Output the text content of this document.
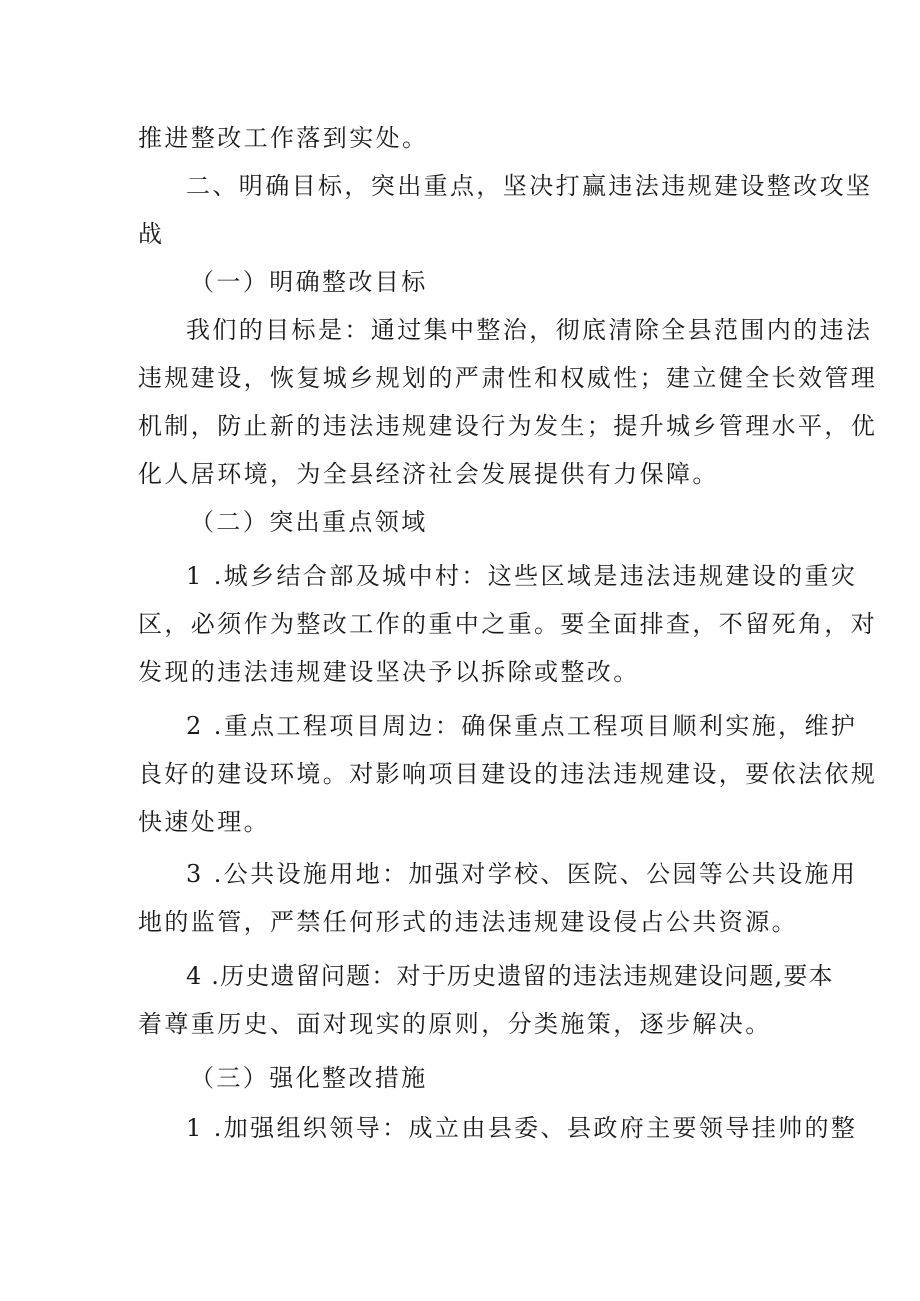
推进整改工作落到实处。
二、明确目标，突出重点，坚决打赢违法违规建设整改攻坚
战
（一）明确整改目标
我们的目标是：通过集中整治，彻底清除全县范围内的违法
违规建设，恢复城乡规划的严肃性和权威性；建立健全长效管理
机制，防止新的违法违规建设行为发生；提升城乡管理水平，优
化人居环境，为全县经济社会发展提供有力保障。
（二）突出重点领域
1 .城乡结合部及城中村：这些区域是违法违规建设的重灾
区，必须作为整改工作的重中之重。要全面排查，不留死角，对
发现的违法违规建设坚决予以拆除或整改。
2 .重点工程项目周边：确保重点工程项目顺利实施，维护
良好的建设环境。对影响项目建设的违法违规建设，要依法依规
快速处理。
3 .公共设施用地：加强对学校、医院、公园等公共设施用
地的监管，严禁任何形式的违法违规建设侵占公共资源。
4 .历史遗留问题：对于历史遗留的违法违规建设问题,要本
着尊重历史、面对现实的原则，分类施策，逐步解决。
（三）强化整改措施
1 .加强组织领导：成立由县委、县政府主要领导挂帅的整
